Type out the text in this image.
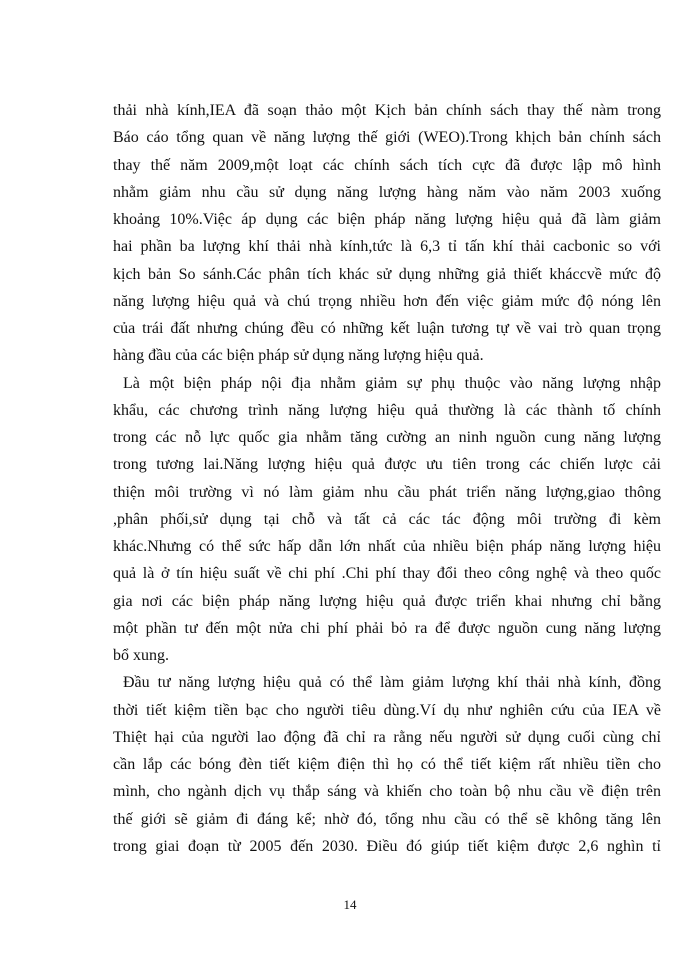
thải nhà kính,IEA đã soạn thảo một Kịch bản chính sách thay thế nàm trong
Báo cáo tổng quan về năng lượng thế giới (WEO).Trong khịch bản chính sách
thay thế năm 2009,một loạt các chính sách tích cực đã được lập mô hình
nhằm giảm nhu cầu sử dụng năng lượng hàng năm vào năm 2003 xuống
khoảng 10%.Việc áp dụng các biện pháp năng lượng hiệu quả đã làm giảm
hai phần ba lượng khí thải nhà kính,tức là 6,3 tỉ tấn khí thải cacbonic so với
kịch bản So sánh.Các phân tích khác sử dụng những giả thiết kháccvề mức độ
năng lượng hiệu quả và chú trọng nhiều hơn đến việc giảm mức độ nóng lên
của trái đất nhưng chúng đều có những kết luận tương tự về vai trò quan trọng
hàng đầu của các biện pháp sử dụng năng lượng hiệu quả.

Là một biện pháp nội địa nhằm giảm sự phụ thuộc vào năng lượng nhập
khẩu, các chương trình năng lượng hiệu quả thường là các thành tố chính
trong các nỗ lực quốc gia nhằm tăng cường an ninh nguồn cung năng lượng
trong tương lai.Năng lượng hiệu quả được ưu tiên trong các chiến lược cải
thiện môi trường vì nó làm giảm nhu cầu phát triển năng lượng,giao thông
,phân phối,sử dụng tại chỗ và tất cả các tác động môi trường đi kèm
khác.Nhưng có thể sức hấp dẫn lớn nhất của nhiều biện pháp năng lượng hiệu
quả là ở tín hiệu suất về chi phí .Chi phí thay đổi theo công nghệ và theo quốc
gia nơi các biện pháp năng lượng hiệu quả được triển khai nhưng chỉ bằng
một phần tư đến một nửa chi phí phải bỏ ra để được nguồn cung năng lượng
bổ xung.

Đầu tư năng lượng hiệu quả có thể làm giảm lượng khí thải nhà kính, đồng
thời tiết kiệm tiền bạc cho người tiêu dùng.Ví dụ như nghiên cứu của IEA về
Thiệt hại của người lao động đã chỉ ra rằng nếu người sử dụng cuối cùng chỉ
cần lắp các bóng đèn tiết kiệm điện thì họ có thể tiết kiệm rất nhiều tiền cho
mình, cho ngành dịch vụ thắp sáng và khiến cho toàn bộ nhu cầu về điện trên
thế giới sẽ giảm đi đáng kể; nhờ đó, tổng nhu cầu có thể sẽ không tăng lên
trong giai đoạn từ 2005 đến 2030. Điều đó giúp tiết kiệm được 2,6 nghìn tỉ

14
